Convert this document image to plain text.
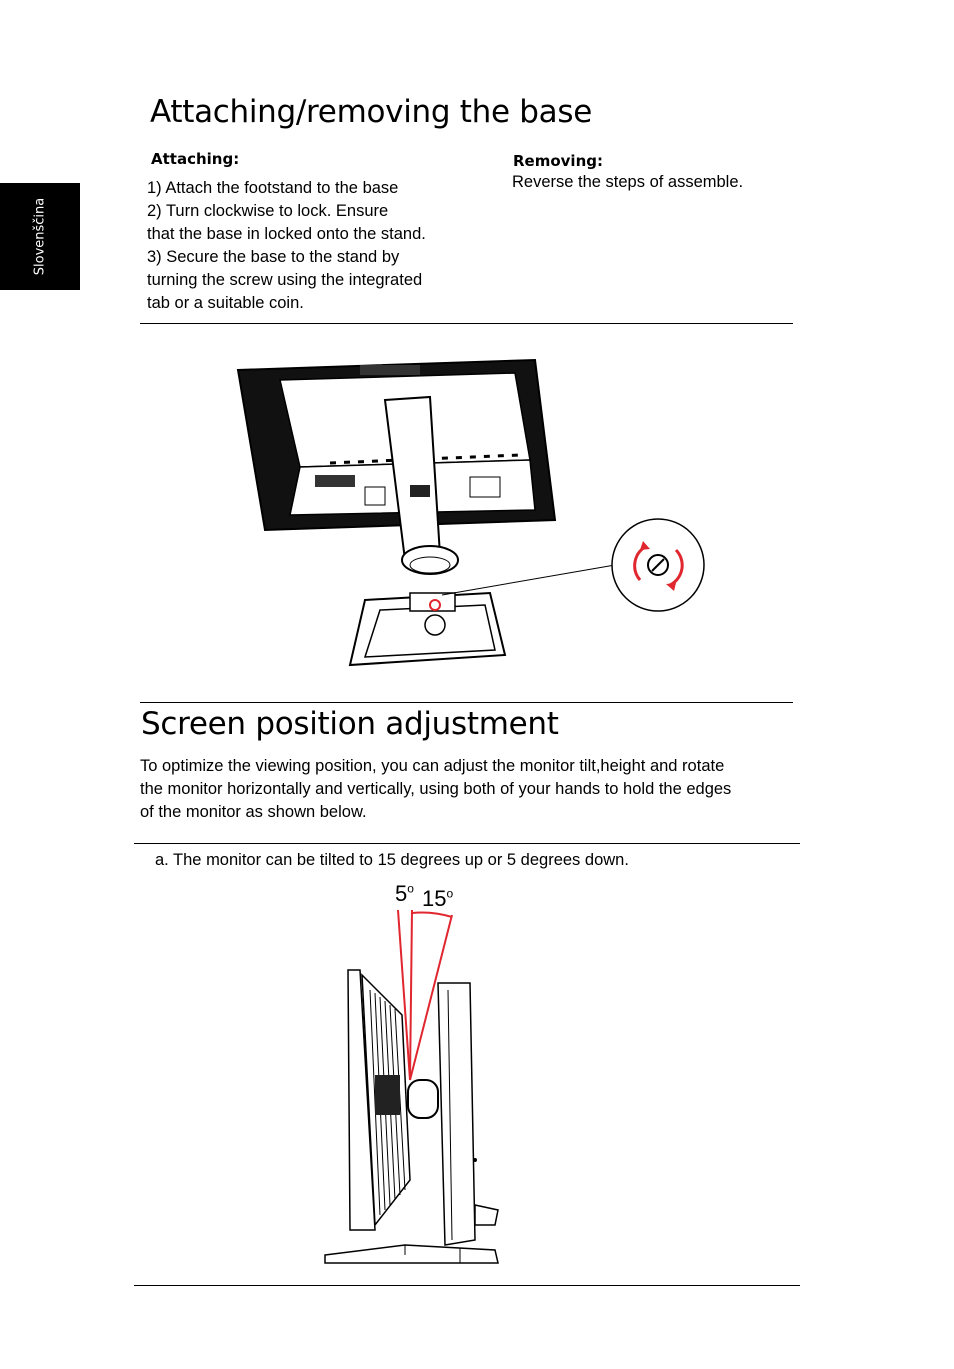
Slovenščina
Attaching/removing the base
Attaching:
1) Attach the footstand to the base
2) Turn clockwise to lock. Ensure
that the base in locked onto the stand.
3) Secure the base to the stand by
turning the screw using the integrated
tab or a suitable coin.
Removing:
Reverse the steps of assemble.
Screen position adjustment
To optimize the viewing position, you can adjust the monitor tilt,height and rotate
the monitor horizontally and vertically, using both of your hands to hold the edges
of the monitor as shown below.
a. The monitor can be tilted to 15 degrees up or 5 degrees down.
5$^o$ 15$^o$
